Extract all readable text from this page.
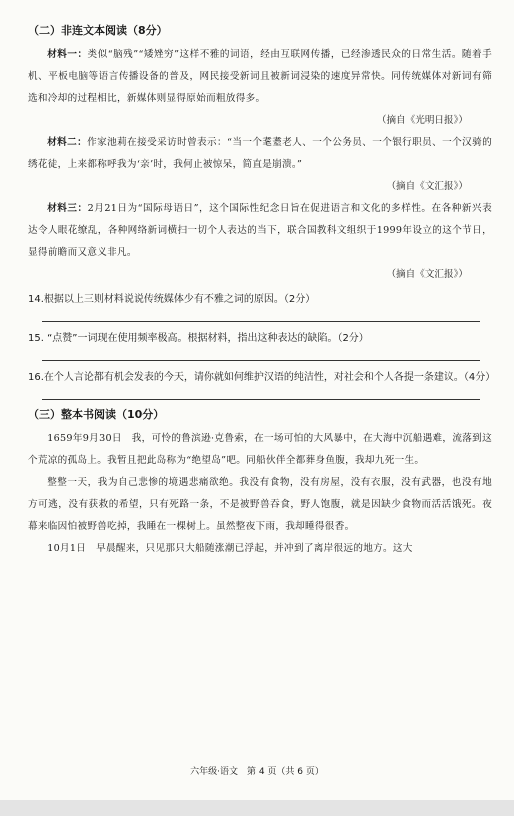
（二）非连文本阅读（8分）

材料一：类似“脑残”“矮矬穷”这样不雅的词语，经由互联网传播，已经渗透民众的日常生活。随着手机、平板电脑等语言传播设备的普及，网民接受新词且被新词浸染的速度异常快。同传统媒体对新词有筛选和冷却的过程相比，新媒体则显得原始而粗放得多。

（摘自《光明日报》）

材料二：作家池莉在接受采访时曾表示：“当一个耄耋老人、一个公务员、一个银行职员、一个汉骑的绣花徒，上来都称呼我为‘亲’时，我何止被惊呆，简直是崩溃。”

（摘自《文汇报》）

材料三：2月21日为“国际母语日”，这个国际性纪念日旨在促进语言和文化的多样性。在各种新兴表达令人眼花缭乱，各种网络新词横扫一切个人表达的当下，联合国教科文组织于1999年设立的这个节日，显得前瞻而又意义非凡。

（摘自《文汇报》）
14.根据以上三则材料说说传统媒体少有不雅之词的原因。（2分）
15. “点赞”一词现在使用频率极高。根据材料，指出这种表达的缺陷。（2分）
16.在个人言论都有机会发表的今天，请你就如何维护汉语的纯洁性，对社会和个人各提一条建议。（4分）
（三）整本书阅读（10分）

1659年9月30日　我，可怜的鲁滨逊·克鲁索，在一场可怕的大风暴中，在大海中沉船遇难，流落到这个荒凉的孤岛上。我暂且把此岛称为“绝望岛”吧。同船伙伴全都葬身鱼腹，我却九死一生。

整整一天，我为自己悲惨的境遇悲痛欲绝。我没有食物，没有房屋，没有衣服，没有武器，也没有地方可逃，没有获救的希望，只有死路一条，不是被野兽吞食，野人饱腹，就是因缺少食物而活活饿死。夜幕来临因怕被野兽吃掉，我睡在一棵树上。虽然整夜下雨，我却睡得很香。

10月1日　早晨醒来，只见那只大船随涨潮已浮起，并冲到了离岸很远的地方。这大

六年级·语文　第 4 页（共 6 页）
